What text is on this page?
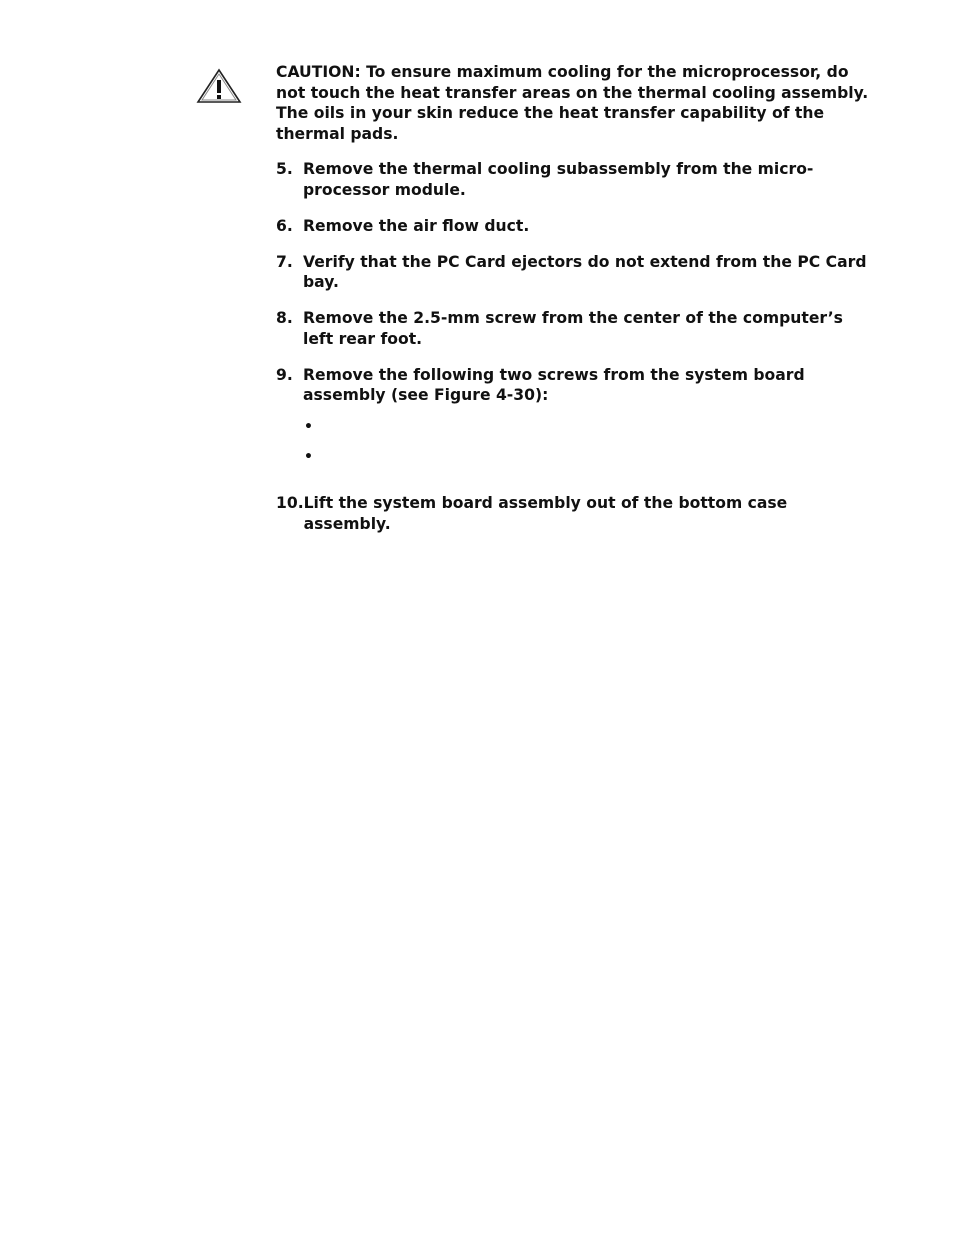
CAUTION: To ensure maximum cooling for the microprocessor, do not touch the heat transfer areas on the thermal cooling assembly. The oils in your skin reduce the heat transfer capability of the thermal pads.

5. Remove the thermal cooling subassembly from the micro-processor module.
6. Remove the air flow duct.
7. Verify that the PC Card ejectors do not extend from the PC Card bay.
8. Remove the 2.5-mm screw from the center of the computer’s left rear foot.
9. Remove the following two screws from the system board assembly (see Figure 4-30):
•
•
10. Lift the system board assembly out of the bottom case assembly.
